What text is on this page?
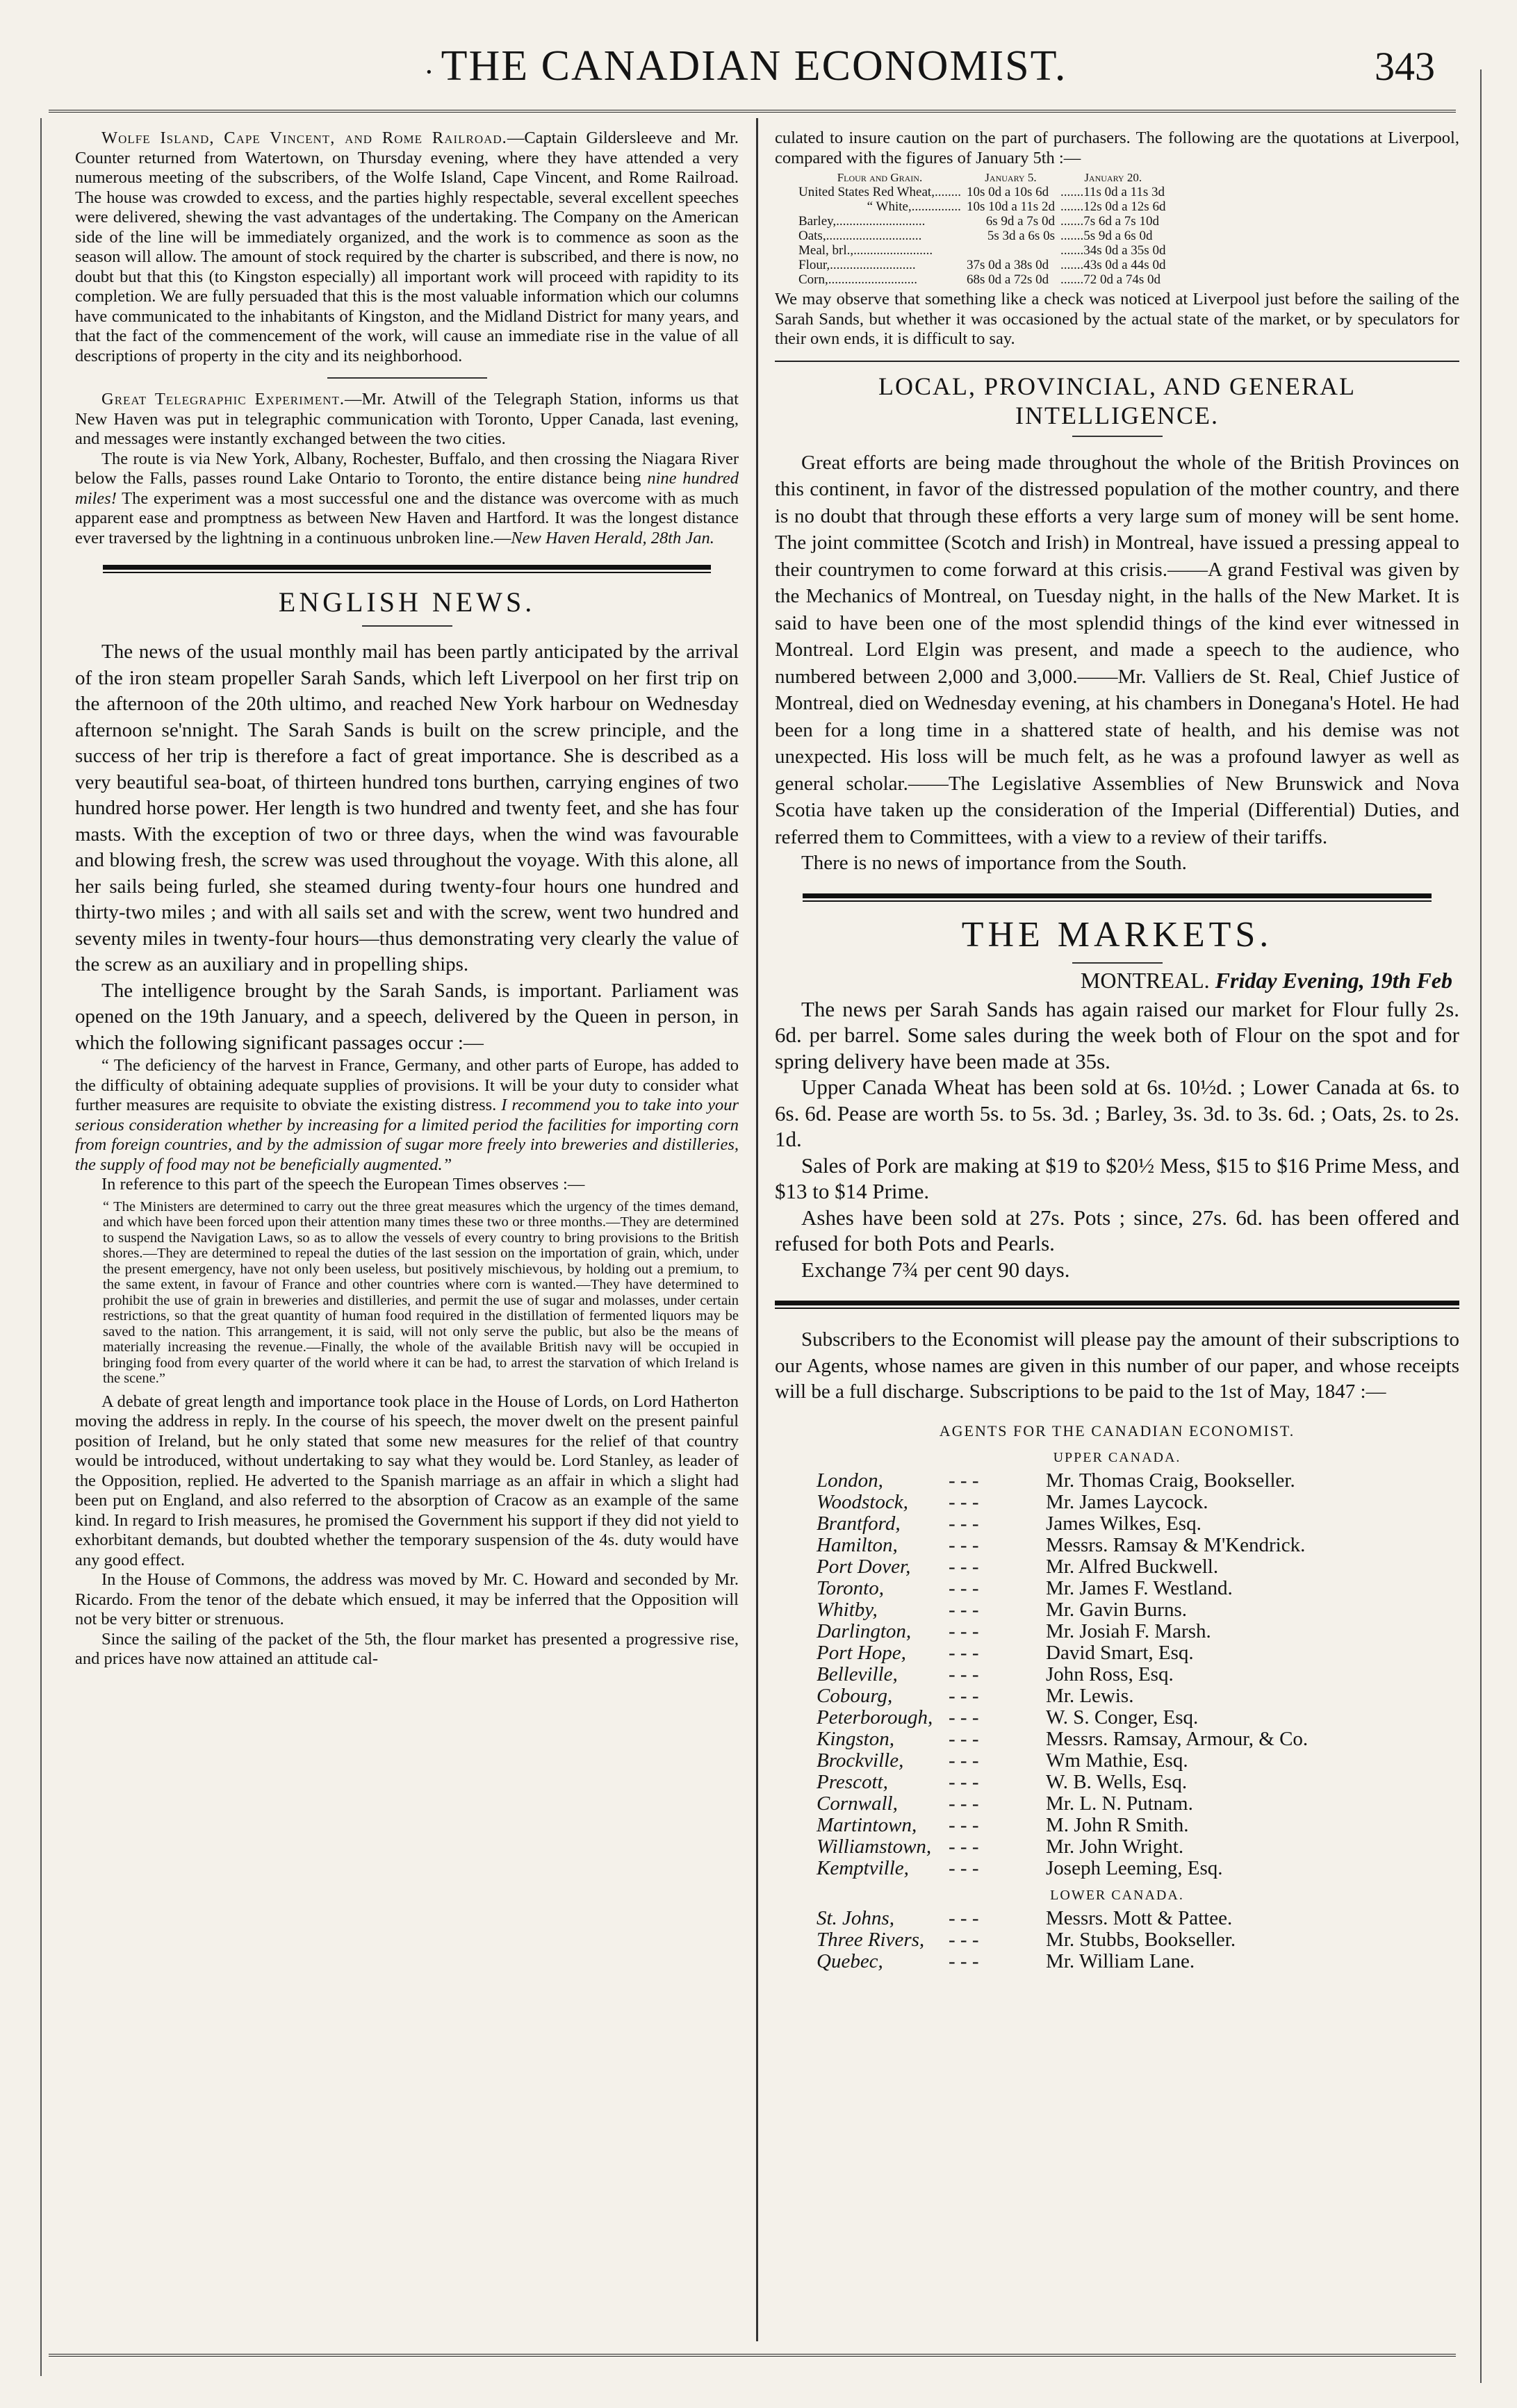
· THE CANADIAN ECONOMIST.	343

Wolfe Island, Cape Vincent, and Rome Railroad.—Captain Gildersleeve and Mr. Counter returned from Watertown, on Thursday evening, where they have attended a very numerous meeting of the subscribers, of the Wolfe Island, Cape Vincent, and Rome Railroad. The house was crowded to excess, and the parties highly respectable, several excellent speeches were delivered, shewing the vast advantages of the undertaking. The Company on the American side of the line will be immediately organized, and the work is to commence as soon as the season will allow. The amount of stock required by the charter is subscribed, and there is now, no doubt but that this (to Kingston especially) all important work will proceed with rapidity to its completion. We are fully persuaded that this is the most valuable information which our columns have communicated to the inhabitants of Kingston, and the Midland District for many years, and that the fact of the commencement of the work, will cause an immediate rise in the value of all descriptions of property in the city and its neighborhood.

Great Telegraphic Experiment.—Mr. Atwill of the Telegraph Station, informs us that New Haven was put in telegraphic communication with Toronto, Upper Canada, last evening, and messages were instantly exchanged between the two cities.

The route is via New York, Albany, Rochester, Buffalo, and then crossing the Niagara River below the Falls, passes round Lake Ontario to Toronto, the entire distance being nine hundred miles! The experiment was a most successful one and the distance was overcome with as much apparent ease and promptness as between New Haven and Hartford. It was the longest distance ever traversed by the lightning in a continuous unbroken line.—New Haven Herald, 28th Jan.

ENGLISH NEWS.

The news of the usual monthly mail has been partly anticipated by the arrival of the iron steam propeller Sarah Sands, which left Liverpool on her first trip on the afternoon of the 20th ultimo, and reached New York harbour on Wednesday afternoon se'nnight. The Sarah Sands is built on the screw principle, and the success of her trip is therefore a fact of great importance. She is described as a very beautiful sea-boat, of thirteen hundred tons burthen, carrying engines of two hundred horse power. Her length is two hundred and twenty feet, and she has four masts. With the exception of two or three days, when the wind was favourable and blowing fresh, the screw was used throughout the voyage. With this alone, all her sails being furled, she steamed during twenty-four hours one hundred and thirty-two miles ; and with all sails set and with the screw, went two hundred and seventy miles in twenty-four hours—thus demonstrating very clearly the value of the screw as an auxiliary and in propelling ships.

The intelligence brought by the Sarah Sands, is important. Parliament was opened on the 19th January, and a speech, delivered by the Queen in person, in which the following significant passages occur :—

“ The deficiency of the harvest in France, Germany, and other parts of Europe, has added to the difficulty of obtaining adequate supplies of provisions. It will be your duty to consider what further measures are requisite to obviate the existing distress. I recommend you to take into your serious consideration whether by increasing for a limited period the facilities for importing corn from foreign countries, and by the admission of sugar more freely into breweries and distilleries, the supply of food may not be beneficially augmented.”

In reference to this part of the speech the European Times observes :—

“ The Ministers are determined to carry out the three great measures which the urgency of the times demand, and which have been forced upon their attention many times these two or three months.—They are determined to suspend the Navigation Laws, so as to allow the vessels of every country to bring provisions to the British shores.—They are determined to repeal the duties of the last session on the importation of grain, which, under the present emergency, have not only been useless, but positively mischievous, by holding out a premium, to the same extent, in favour of France and other countries where corn is wanted.—They have determined to prohibit the use of grain in breweries and distilleries, and permit the use of sugar and molasses, under certain restrictions, so that the great quantity of human food required in the distillation of fermented liquors may be saved to the nation. This arrangement, it is said, will not only serve the public, but also be the means of materially increasing the revenue.—Finally, the whole of the available British navy will be occupied in bringing food from every quarter of the world where it can be had, to arrest the starvation of which Ireland is the scene.”

A debate of great length and importance took place in the House of Lords, on Lord Hatherton moving the address in reply. In the course of his speech, the mover dwelt on the present painful position of Ireland, but he only stated that some new measures for the relief of that country would be introduced, without undertaking to say what they would be. Lord Stanley, as leader of the Opposition, replied. He adverted to the Spanish marriage as an affair in which a slight had been put on England, and also referred to the absorption of Cracow as an example of the same kind. In regard to Irish measures, he promised the Government his support if they did not yield to exhorbitant demands, but doubted whether the temporary suspension of the 4s. duty would have any good effect.

In the House of Commons, the address was moved by Mr. C. Howard and seconded by Mr. Ricardo. From the tenor of the debate which ensued, it may be inferred that the Opposition will not be very bitter or strenuous.

Since the sailing of the packet of the 5th, the flour market has presented a progressive rise, and prices have now attained an attitude cal-

culated to insure caution on the part of purchasers. The following are the quotations at Liverpool, compared with the figures of January 5th :—

Flour and Grain.	January 5.	January 20.
United States Red Wheat,........	10s 0d a 10s 6d	.......11s 0d a 11s 3d
“ White,...............	10s 10d a 11s 2d	.......12s 0d a 12s 6d
Barley,...........................	6s 9d a 7s 0d	.......7s 6d a 7s 10d
Oats,.............................	5s 3d a 6s 0s	.......5s 9d a 6s 0d
Meal, brl.,........................		.......34s 0d a 35s 0d
Flour,..........................	37s 0d a 38s 0d	.......43s 0d a 44s 0d
Corn,...........................	68s 0d a 72s 0d	.......72 0d a 74s 0d

We may observe that something like a check was noticed at Liverpool just before the sailing of the Sarah Sands, but whether it was occasioned by the actual state of the market, or by speculators for their own ends, it is difficult to say.

LOCAL, PROVINCIAL, AND GENERAL INTELLIGENCE.

Great efforts are being made throughout the whole of the British Provinces on this continent, in favor of the distressed population of the mother country, and there is no doubt that through these efforts a very large sum of money will be sent home. The joint committee (Scotch and Irish) in Montreal, have issued a pressing appeal to their countrymen to come forward at this crisis.——A grand Festival was given by the Mechanics of Montreal, on Tuesday night, in the halls of the New Market. It is said to have been one of the most splendid things of the kind ever witnessed in Montreal. Lord Elgin was present, and made a speech to the audience, who numbered between 2,000 and 3,000.——Mr. Valliers de St. Real, Chief Justice of Montreal, died on Wednesday evening, at his chambers in Donegana's Hotel. He had been for a long time in a shattered state of health, and his demise was not unexpected. His loss will be much felt, as he was a profound lawyer as well as general scholar.——The Legislative Assemblies of New Brunswick and Nova Scotia have taken up the consideration of the Imperial (Differential) Duties, and referred them to Committees, with a view to a review of their tariffs.

There is no news of importance from the South.

THE MARKETS.
MONTREAL. Friday Evening, 19th Feb

The news per Sarah Sands has again raised our market for Flour fully 2s. 6d. per barrel. Some sales during the week both of Flour on the spot and for spring delivery have been made at 35s.

Upper Canada Wheat has been sold at 6s. 10½d. ; Lower Canada at 6s. to 6s. 6d. Pease are worth 5s. to 5s. 3d. ; Barley, 3s. 3d. to 3s. 6d. ; Oats, 2s. to 2s. 1d.

Sales of Pork are making at $19 to $20½ Mess, $15 to $16 Prime Mess, and $13 to $14 Prime.

Ashes have been sold at 27s. Pots ; since, 27s. 6d. has been offered and refused for both Pots and Pearls.

Exchange 7¾ per cent 90 days.

Subscribers to the Economist will please pay the amount of their subscriptions to our Agents, whose names are given in this number of our paper, and whose receipts will be a full discharge. Subscriptions to be paid to the 1st of May, 1847 :—

AGENTS FOR THE CANADIAN ECONOMIST.
UPPER CANADA.
London,	- - -	Mr. Thomas Craig, Bookseller.
Woodstock,	- - -	Mr. James Laycock.
Brantford,	- - -	James Wilkes, Esq.
Hamilton,	- - -	Messrs. Ramsay & M'Kendrick.
Port Dover,	- - -	Mr. Alfred Buckwell.
Toronto,	- - -	Mr. James F. Westland.
Whitby,	- - -	Mr. Gavin Burns.
Darlington,	- - -	Mr. Josiah F. Marsh.
Port Hope,	- - -	David Smart, Esq.
Belleville,	- - -	John Ross, Esq.
Cobourg,	- - -	Mr. Lewis.
Peterborough,	- - -	W. S. Conger, Esq.
Kingston,	- - -	Messrs. Ramsay, Armour, & Co.
Brockville,	- - -	Wm Mathie, Esq.
Prescott,	- - -	W. B. Wells, Esq.
Cornwall,	- - -	Mr. L. N. Putnam.
Martintown,	- - -	M. John R Smith.
Williamstown,	- - -	Mr. John Wright.
Kemptville,	- - -	Joseph Leeming, Esq.
LOWER CANADA.
St. Johns,	- - -	Messrs. Mott & Pattee.
Three Rivers,	- - -	Mr. Stubbs, Bookseller.
Quebec,	- - -	Mr. William Lane.
